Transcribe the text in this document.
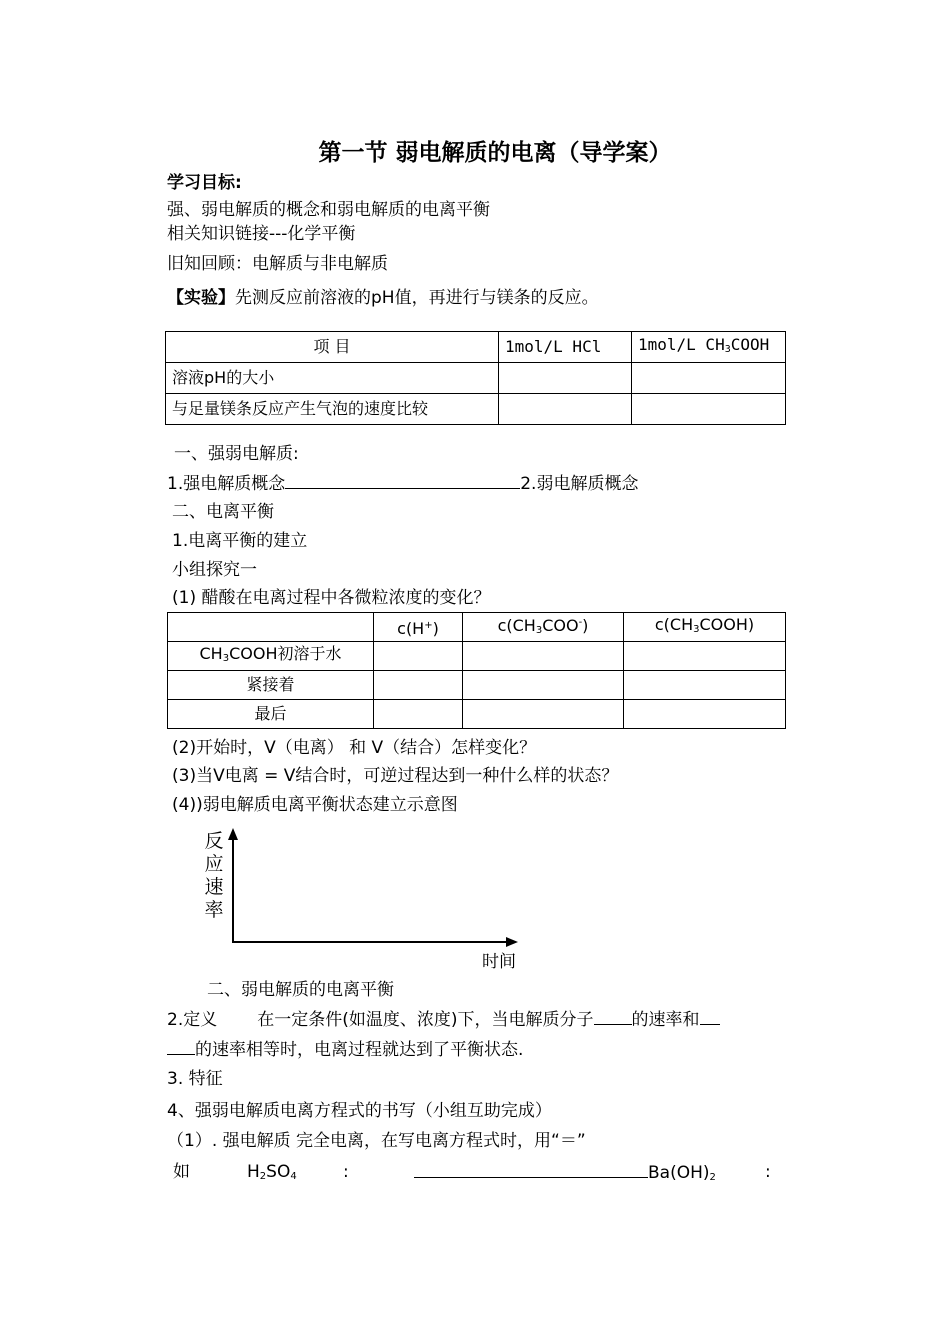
第一节 弱电解质的电离（导学案）
学习目标:
强、弱电解质的概念和弱电解质的电离平衡
相关知识链接---化学平衡
旧知回顾：电解质与非电解质
【实验】先测反应前溶液的pH值，再进行与镁条的反应。
项 目	1mol/L HCl	1mol/L $CH_3COOH$
溶液pH的大小		
与足量镁条反应产生气泡的速度比较		
一、强弱电解质:
1.强电解质概念	2.弱电解质概念
二、电离平衡
1.电离平衡的建立
小组探究一
(1) 醋酸在电离过程中各微粒浓度的变化？
	c(H+)	$c(CH_3COO^-)$	$c(CH_3COOH)$
$CH_3COOH$初溶于水			
紧接着			
最后			
(2)开始时，V（电离） 和 V（结合）怎样变化？
(3)当V电离 = V结合时，可逆过程达到一种什么样的状态？
(4))弱电解质电离平衡状态建立示意图
反
应
速
率
时间
二、弱电解质的电离平衡
2.定义 在一定条件(如温度、浓度)下，当电解质分子 的速率和
的速率相等时，电离过程就达到了平衡状态.
3. 特征
4、强弱电解质电离方程式的书写（小组互助完成）
（1）. 强电解质 完全电离，在写电离方程式时，用“＝”
如	$H_2SO_4$	:	$Ba(OH)_2$	:
